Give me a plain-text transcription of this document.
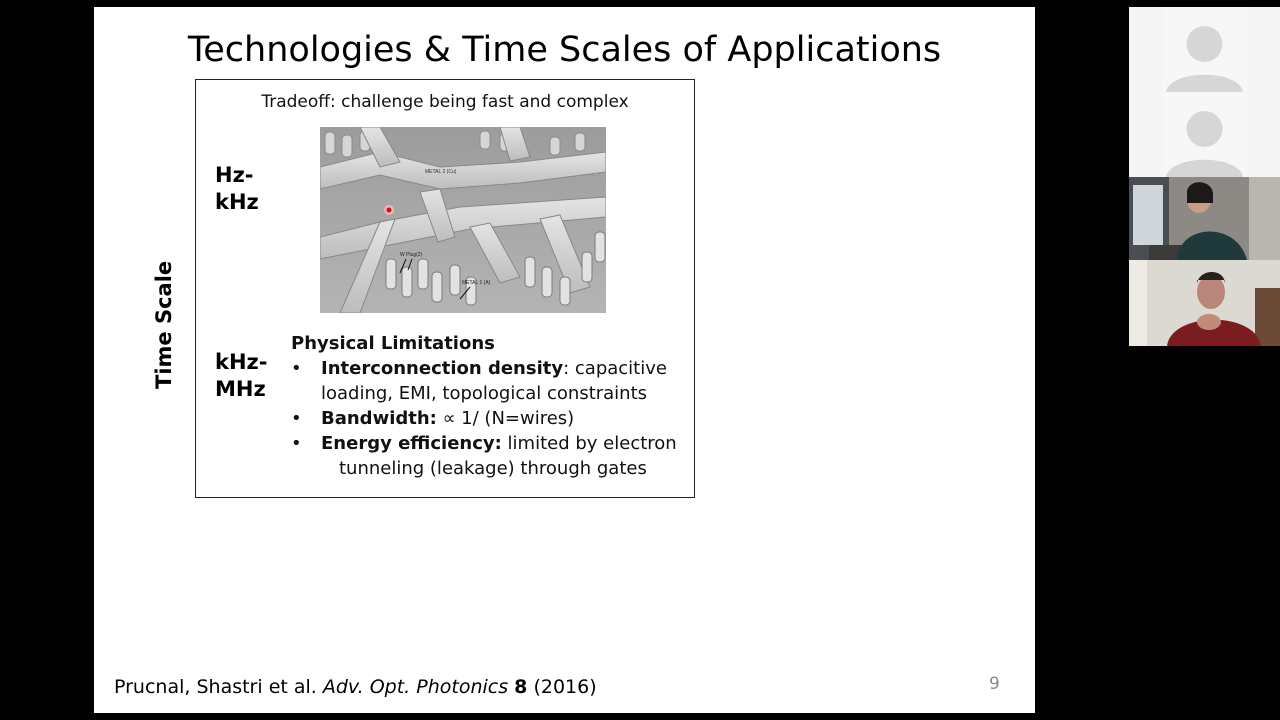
Technologies & Time Scales of Applications
Time Scale
Tradeoff: challenge being fast and complex
Hz-
kHz
METAL 2 (Cu)
W Plug(2)
METAL 1 (A)
kHz-
MHz
Physical Limitations
• Interconnection density: capacitive
loading, EMI, topological constraints
• Bandwidth: ∝ 1/ (N=wires)
• Energy efficiency: limited by electron
tunneling (leakage) through gates
Prucnal, Shastri et al. Adv. Opt. Photonics 8 (2016)	9
